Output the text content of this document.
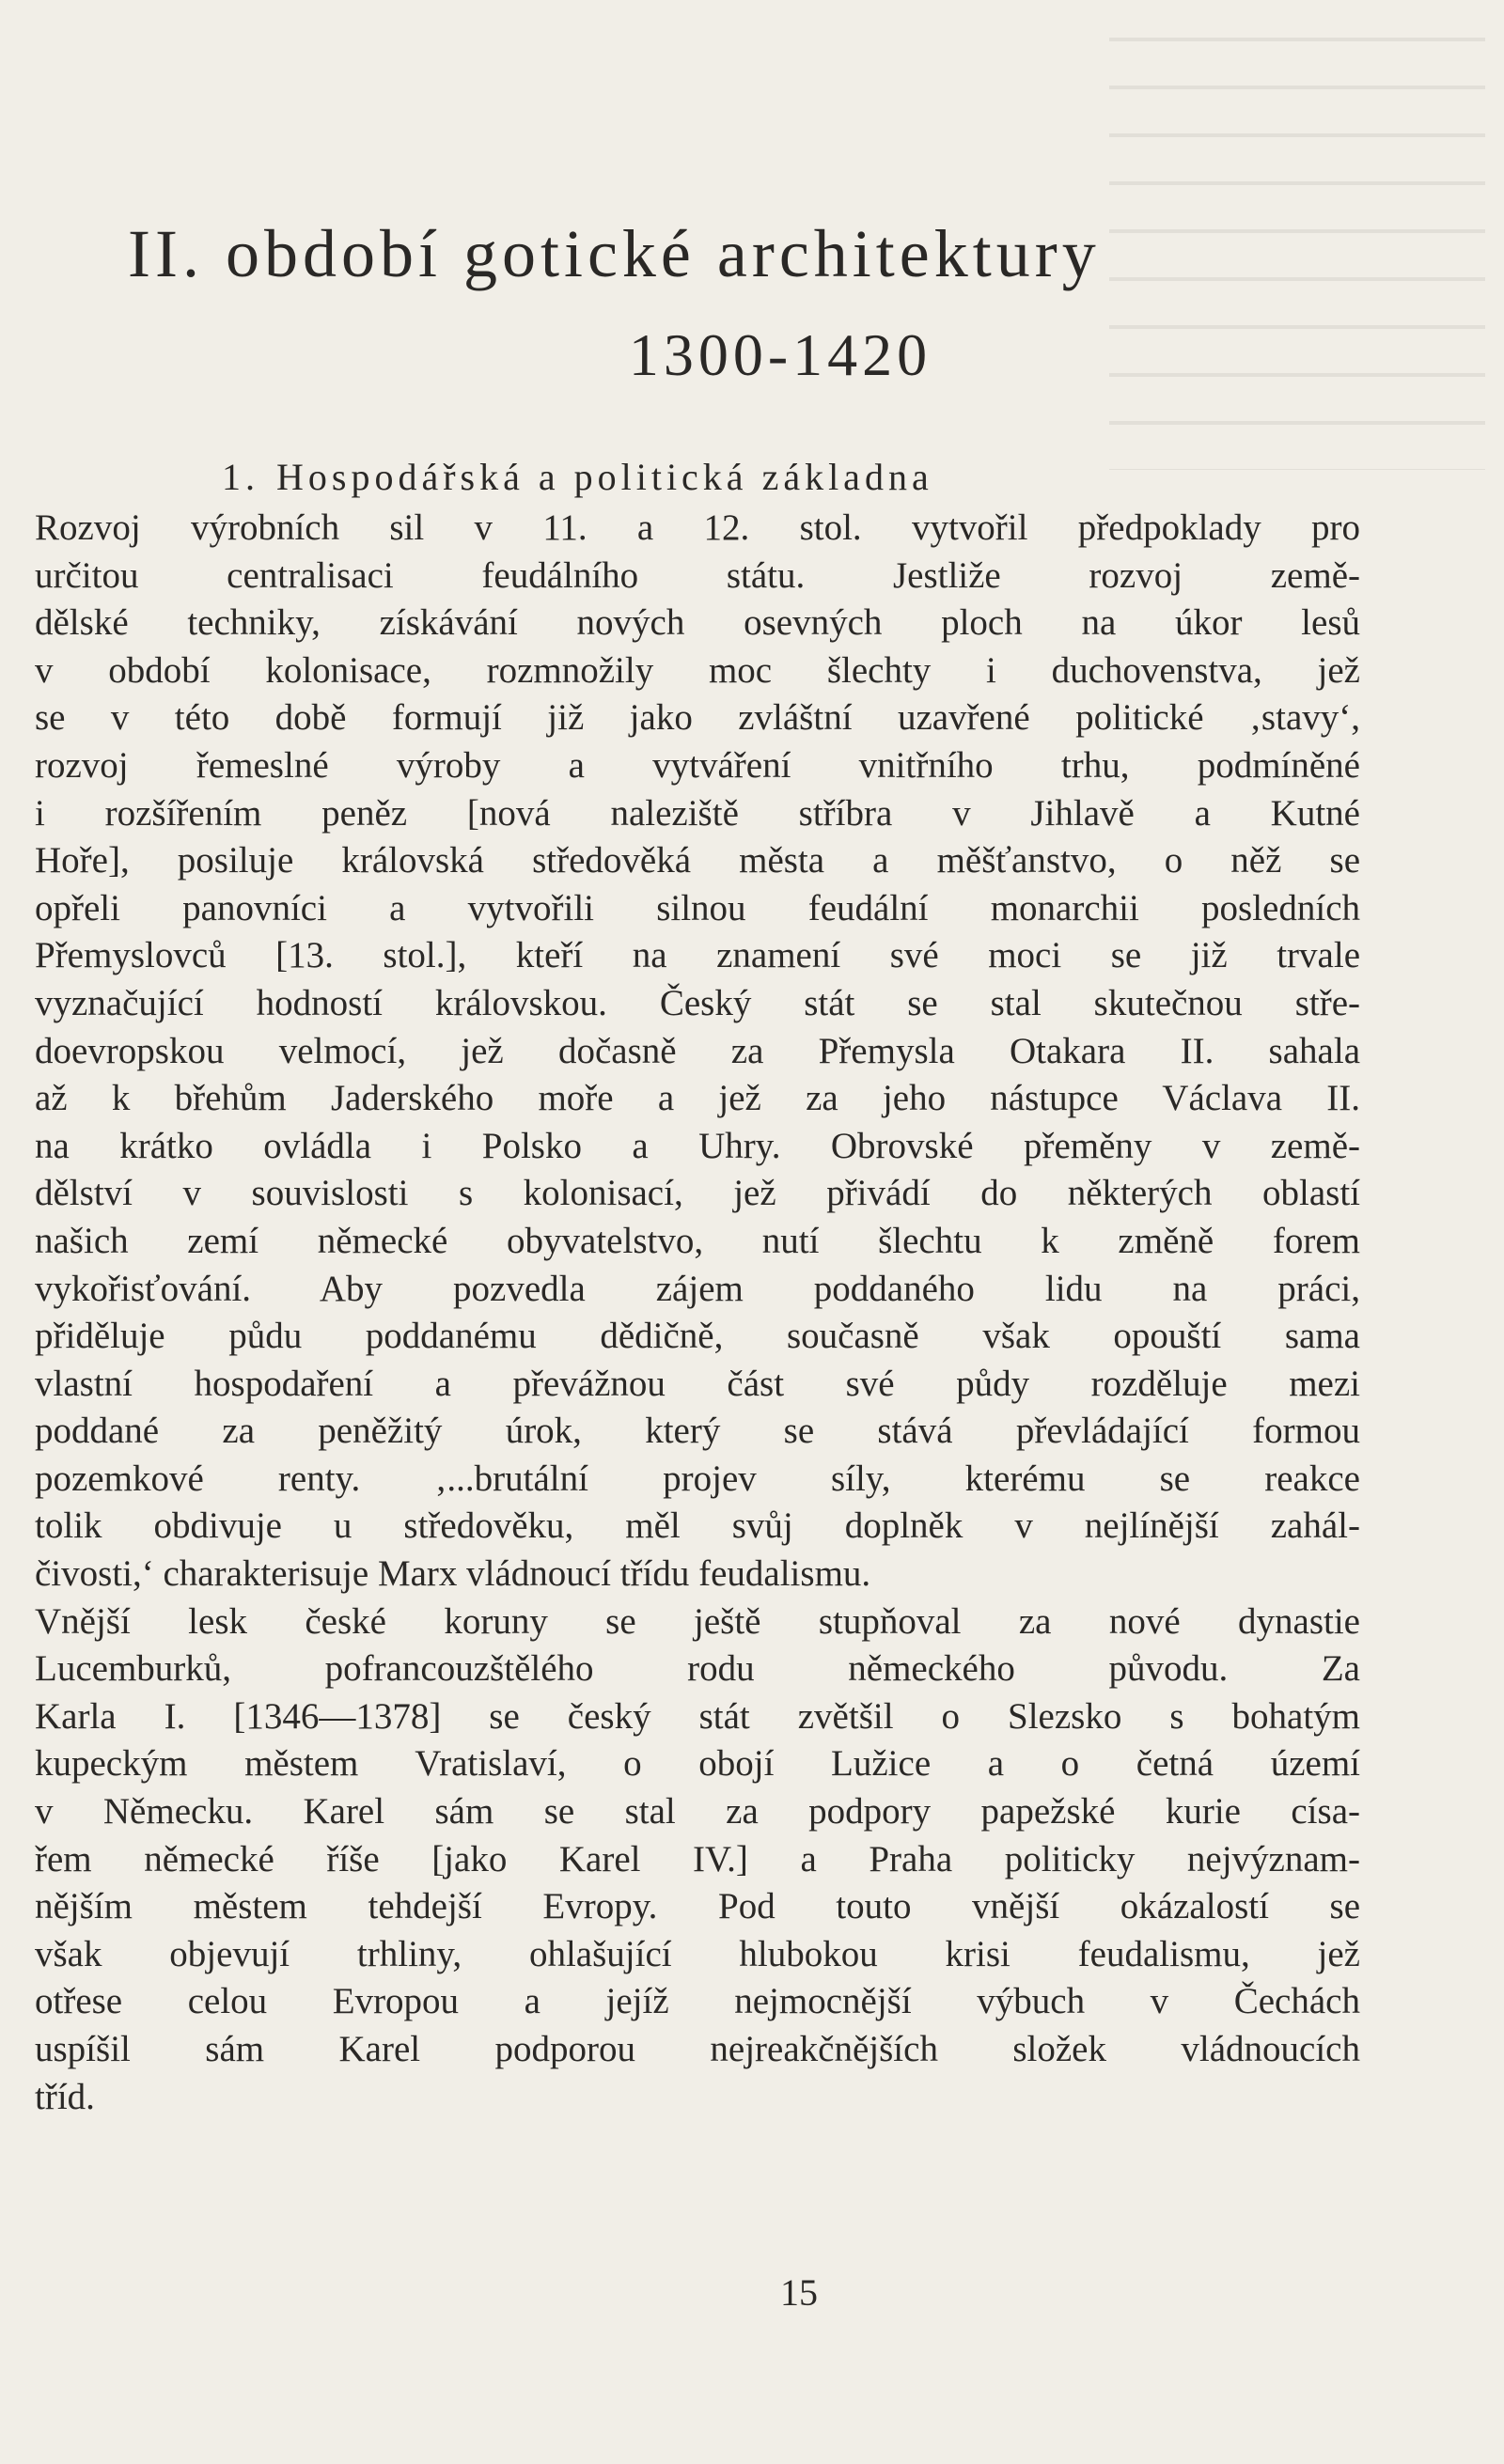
II. období gotické architektury
1300-1420
1. Hospodářská a politická základna
Rozvoj výrobních sil v 11. a 12. stol. vytvořil předpoklady pro
určitou centralisaci feudálního státu. Jestliže rozvoj země-
dělské techniky, získávání nových osevných ploch na úkor lesů
v období kolonisace, rozmnožily moc šlechty i duchovenstva, jež
se v této době formují již jako zvláštní uzavřené politické ‚stavy‘,
rozvoj řemeslné výroby a vytváření vnitřního trhu, podmíněné
i rozšířením peněz [nová naleziště stříbra v Jihlavě a Kutné
Hoře], posiluje královská středověká města a měšťanstvo, o něž se
opřeli panovníci a vytvořili silnou feudální monarchii posledních
Přemyslovců [13. stol.], kteří na znamení své moci se již trvale
vyznačující hodností královskou. Český stát se stal skutečnou stře-
doevropskou velmocí, jež dočasně za Přemysla Otakara II. sahala
až k břehům Jaderského moře a jež za jeho nástupce Václava II.
na krátko ovládla i Polsko a Uhry. Obrovské přeměny v země-
dělství v souvislosti s kolonisací, jež přivádí do některých oblastí
našich zemí německé obyvatelstvo, nutí šlechtu k změně forem
vykořisťování. Aby pozvedla zájem poddaného lidu na práci,
přiděluje půdu poddanému dědičně, současně však opouští sama
vlastní hospodaření a převážnou část své půdy rozděluje mezi
poddané za peněžitý úrok, který se stává převládající formou
pozemkové renty. ‚...brutální projev síly, kterému se reakce
tolik obdivuje u středověku, měl svůj doplněk v nejlínější zahál-
čivosti,‘ charakterisuje Marx vládnoucí třídu feudalismu.
Vnější lesk české koruny se ještě stupňoval za nové dynastie
Lucemburků, pofrancouzštělého rodu německého původu. Za
Karla I. [1346—1378] se český stát zvětšil o Slezsko s bohatým
kupeckým městem Vratislaví, o obojí Lužice a o četná území
v Německu. Karel sám se stal za podpory papežské kurie císa-
řem německé říše [jako Karel IV.] a Praha politicky nejvýznam-
nějším městem tehdejší Evropy. Pod touto vnější okázalostí se
však objevují trhliny, ohlašující hlubokou krisi feudalismu, jež
otřese celou Evropou a jejíž nejmocnější výbuch v Čechách
uspíšil sám Karel podporou nejreakčnějších složek vládnoucích
tříd.
15
